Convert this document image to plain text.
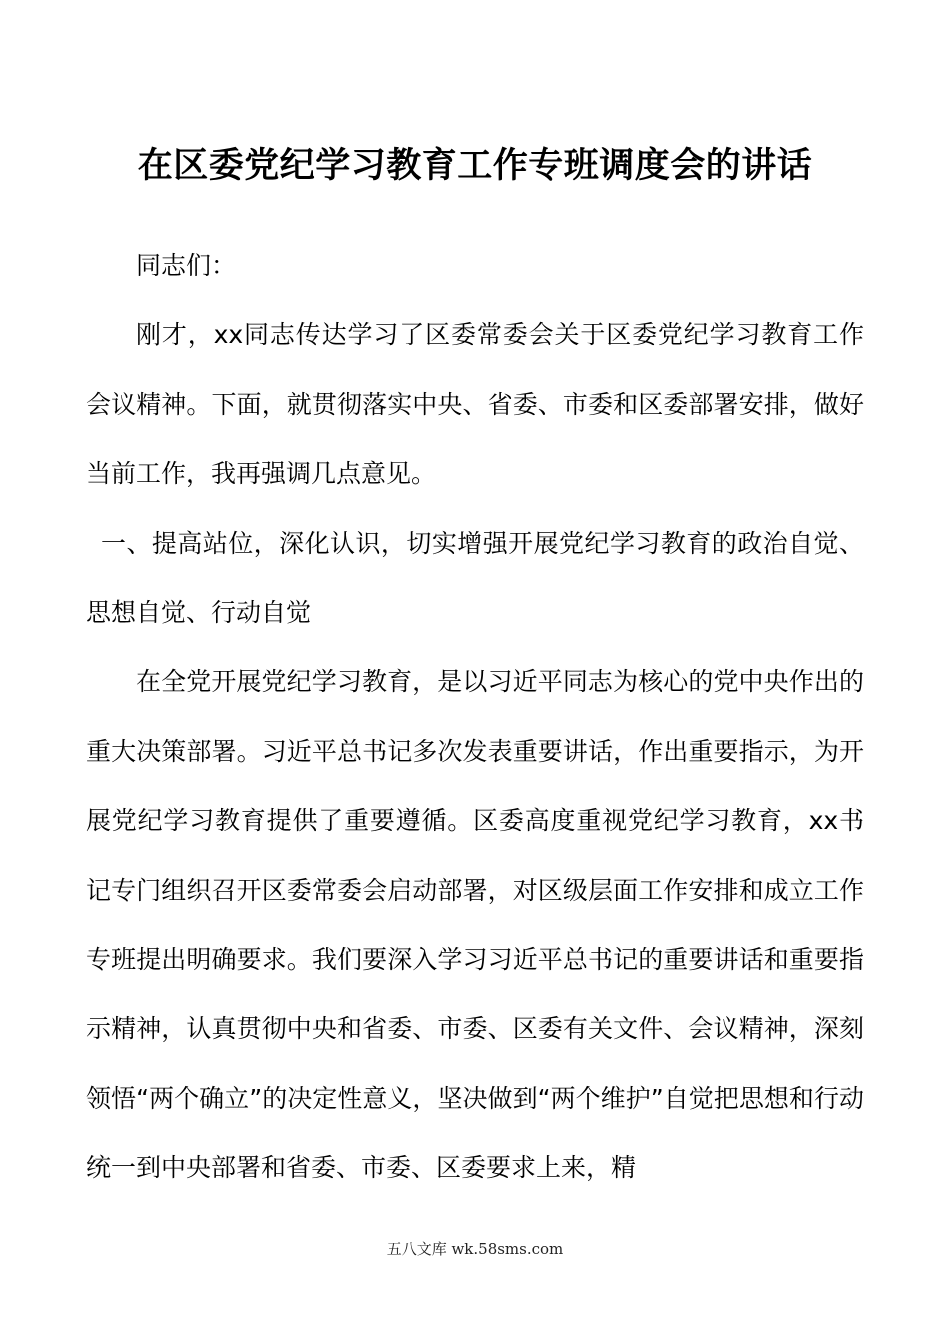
在区委党纪学习教育工作专班调度会的讲话

同志们：

刚才，xx同志传达学习了区委常委会关于区委党纪学习教育工作会议精神。下面，就贯彻落实中央、省委、市委和区委部署安排，做好当前工作，我再强调几点意见。

一、提高站位，深化认识，切实增强开展党纪学习教育的政治自觉、思想自觉、行动自觉

在全党开展党纪学习教育，是以习近平同志为核心的党中央作出的重大决策部署。习近平总书记多次发表重要讲话，作出重要指示，为开展党纪学习教育提供了重要遵循。区委高度重视党纪学习教育，xx书记专门组织召开区委常委会启动部署，对区级层面工作安排和成立工作专班提出明确要求。我们要深入学习习近平总书记的重要讲话和重要指示精神，认真贯彻中央和省委、市委、区委有关文件、会议精神，深刻领悟“两个确立”的决定性意义，坚决做到“两个维护”自觉把思想和行动统一到中央部署和省委、市委、区委要求上来，精

五八文库 wk.58sms.com
